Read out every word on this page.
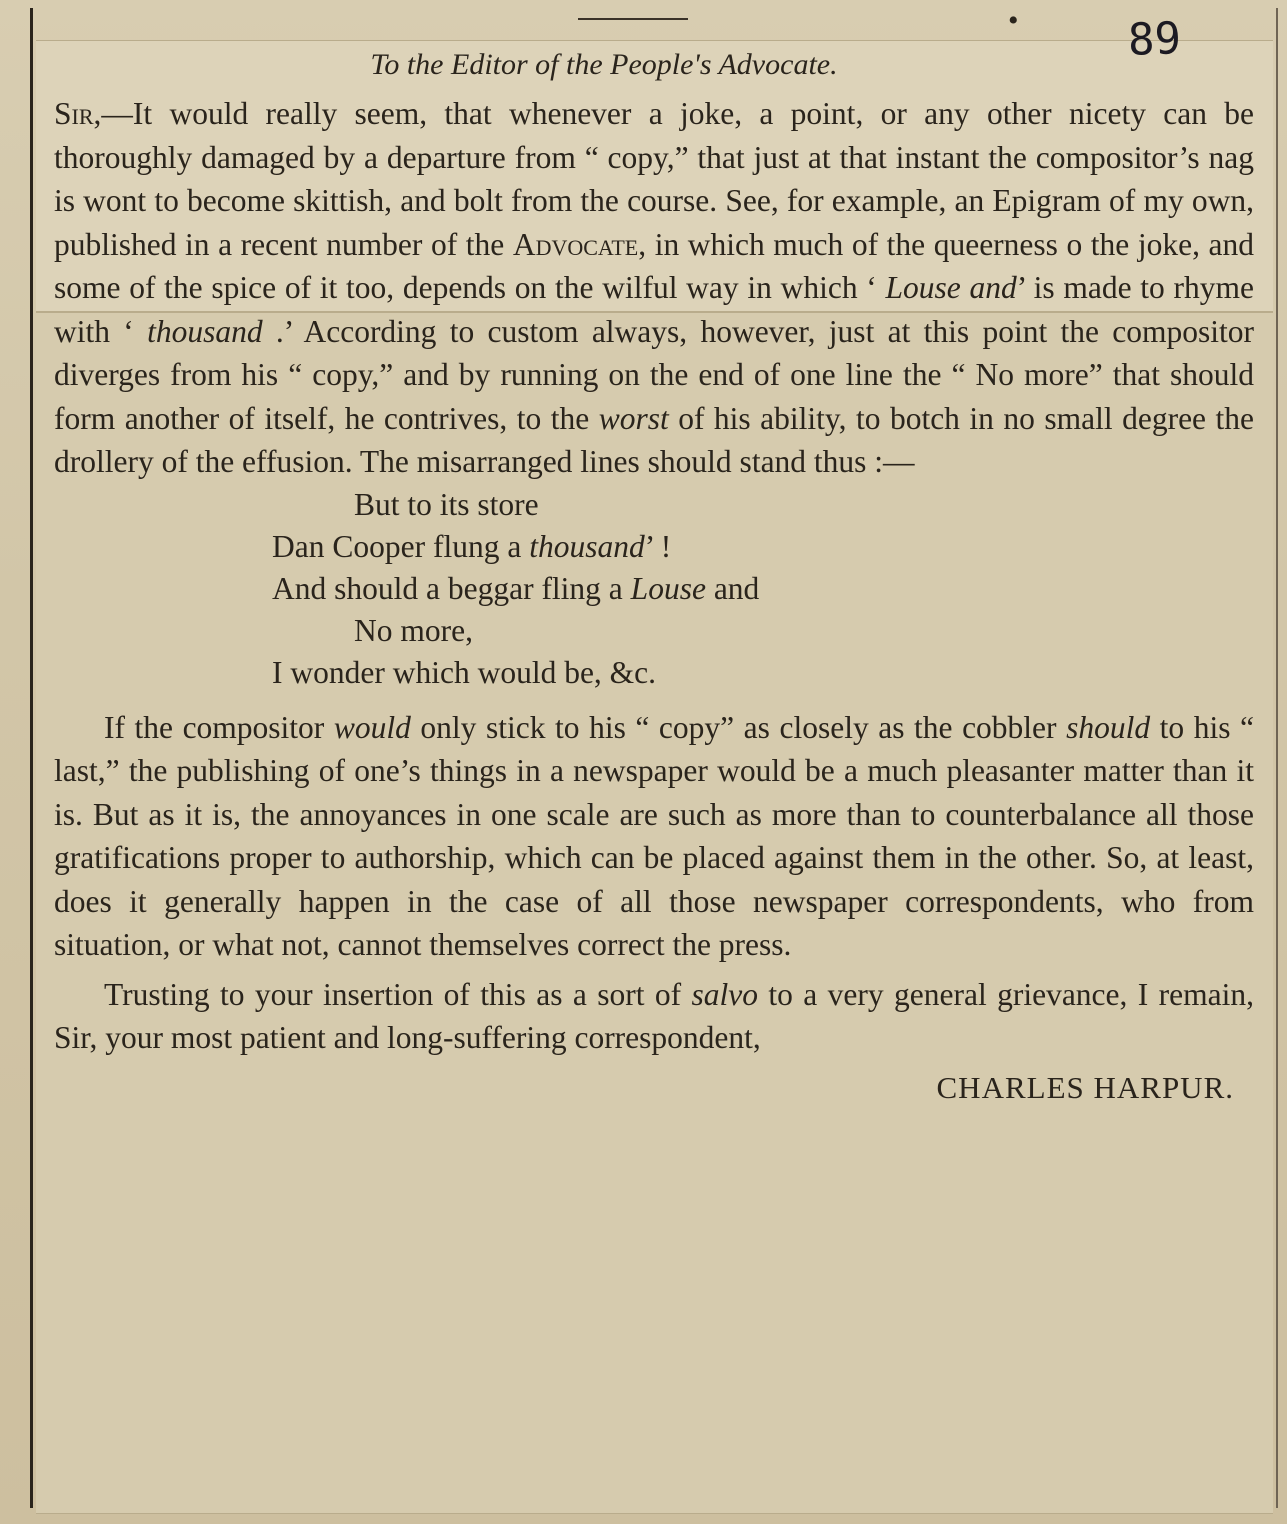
• 89
To the Editor of the People's Advocate.

Sir,—It would really seem, that whenever a joke, a point, or any other nicety can be thoroughly damaged by a departure from “ copy,” that just at that instant the compositor’s nag is wont to become skittish, and bolt from the course. See, for example, an Epigram of my own, published in a recent number of the Advocate, in which much of the queerness o the joke, and some of the spice of it too, depends on the wilful way in which ‘ Louse and’ is made to rhyme with ‘ thousand .’ According to custom always, however, just at this point the compositor diverges from his “ copy,” and by running on the end of one line the “ No more” that should form another of itself, he contrives, to the worst of his ability, to botch in no small degree the drollery of the effusion. The misarranged lines should stand thus :—

But to its store
Dan Cooper flung a thousand’ !
And should a beggar fling a Louse and
No more,
I wonder which would be, &c.

If the compositor would only stick to his “ copy” as closely as the cobbler should to his “ last,” the publishing of one’s things in a newspaper would be a much pleasanter matter than it is. But as it is, the annoyances in one scale are such as more than to counterbalance all those gratifications proper to authorship, which can be placed against them in the other. So, at least, does it generally happen in the case of all those newspaper correspondents, who from situation, or what not, cannot themselves correct the press.

Trusting to your insertion of this as a sort of salvo to a very general grievance, I remain, Sir, your most patient and long-suffering correspondent,

CHARLES HARPUR.
